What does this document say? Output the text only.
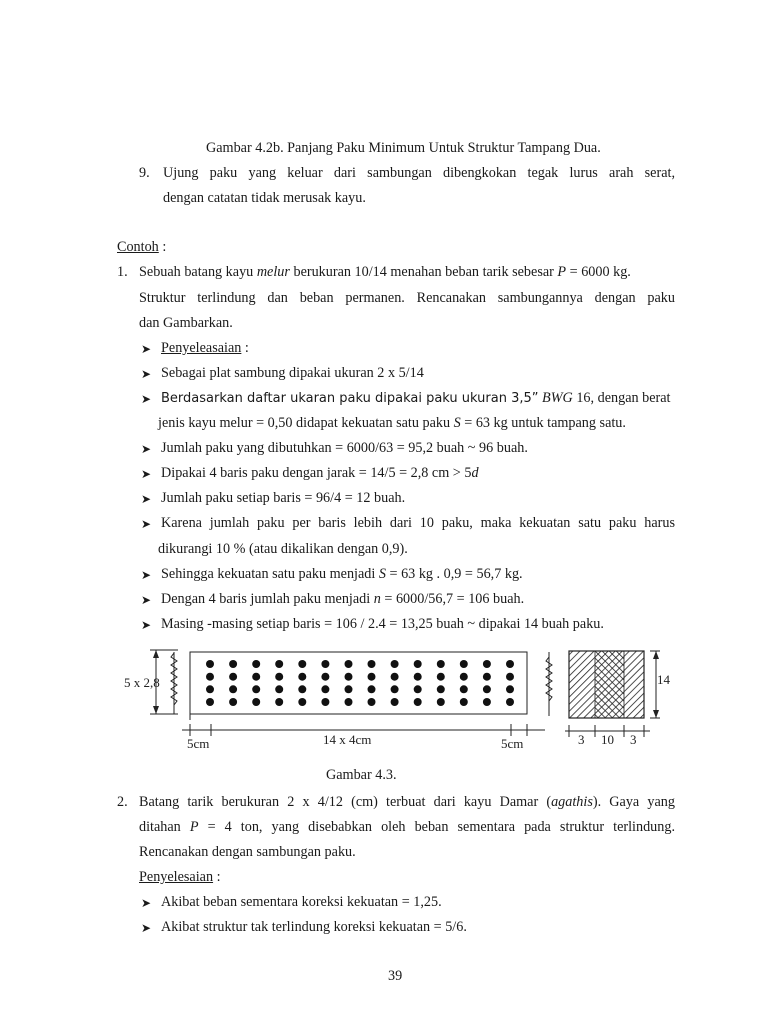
Gambar 4.2b. Panjang Paku Minimum Untuk Struktur Tampang Dua.
9. Ujung paku yang keluar dari sambungan dibengkokan tegak lurus arah serat,
dengan catatan tidak merusak kayu.
Contoh :
1. Sebuah batang kayu melur berukuran 10/14 menahan beban tarik sebesar P = 6000 kg.
Struktur terlindung dan beban permanen. Rencanakan sambungannya dengan paku
dan Gambarkan.
➤ Penyeleasaian :
➤ Sebagai plat sambung dipakai ukuran 2 x 5/14
➤ Berdasarkan daftar ukaran paku dipakai paku ukuran 3,5” BWG 16, dengan berat
jenis kayu melur = 0,50 didapat kekuatan satu paku S = 63 kg untuk tampang satu.
➤ Jumlah paku yang dibutuhkan = 6000/63 = 95,2 buah ~ 96 buah.
➤ Dipakai 4 baris paku dengan jarak = 14/5 = 2,8 cm > 5d
➤ Jumlah paku setiap baris = 96/4 = 12 buah.
➤ Karena jumlah paku per baris lebih dari 10 paku, maka kekuatan satu paku harus
dikurangi 10 % (atau dikalikan dengan 0,9).
➤ Sehingga kekuatan satu paku menjadi S = 63 kg . 0,9 = 56,7 kg.
➤ Dengan 4 baris jumlah paku menjadi n = 6000/56,7 = 106 buah.
➤ Masing -masing setiap baris = 106 / 2.4 = 13,25 buah ~ dipakai 14 buah paku.
5 x 2,8
5cm	14 x 4cm	5cm
14
3 10 3
Gambar 4.3.
2. Batang tarik berukuran 2 x 4/12 (cm) terbuat dari kayu Damar (agathis). Gaya yang
ditahan P = 4 ton, yang disebabkan oleh beban sementara pada struktur terlindung.
Rencanakan dengan sambungan paku.
Penyelesaian :
➤ Akibat beban sementara koreksi kekuatan = 1,25.
➤ Akibat struktur tak terlindung koreksi kekuatan = 5/6.
39
